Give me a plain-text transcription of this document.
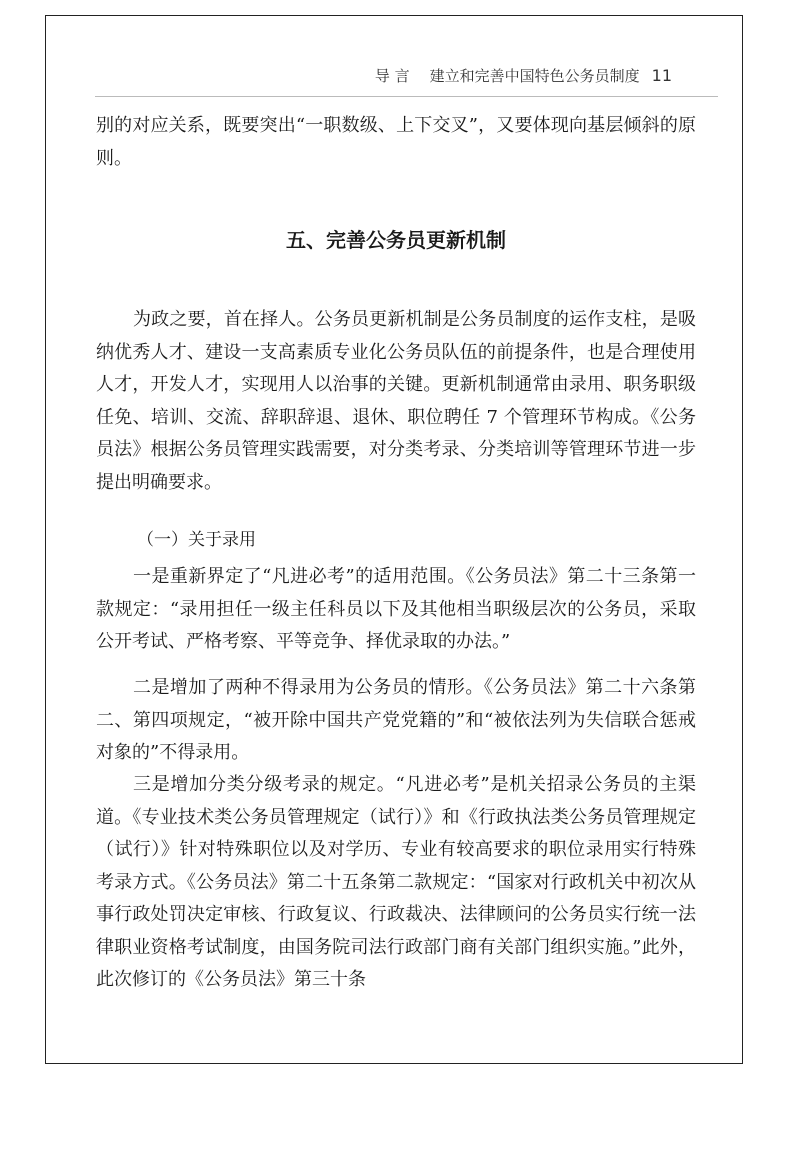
导 言 建立和完善中国特色公务员制度 11
别的对应关系，既要突出“一职数级、上下交叉”，又要体现向基层倾斜的原则。
五、完善公务员更新机制
为政之要，首在择人。公务员更新机制是公务员制度的运作支柱，是吸纳优秀人才、建设一支高素质专业化公务员队伍的前提条件，也是合理使用人才，开发人才，实现用人以治事的关键。更新机制通常由录用、职务职级任免、培训、交流、辞职辞退、退休、职位聘任 7 个管理环节构成。《公务员法》根据公务员管理实践需要，对分类考录、分类培训等管理环节进一步提出明确要求。
（一）关于录用
一是重新界定了“凡进必考”的适用范围。《公务员法》第二十三条第一款规定：“录用担任一级主任科员以下及其他相当职级层次的公务员，采取公开考试、严格考察、平等竞争、择优录取的办法。”
二是增加了两种不得录用为公务员的情形。《公务员法》第二十六条第二、第四项规定，“被开除中国共产党党籍的”和“被依法列为失信联合惩戒对象的”不得录用。
三是增加分类分级考录的规定。“凡进必考”是机关招录公务员的主渠道。《专业技术类公务员管理规定（试行）》和《行政执法类公务员管理规定（试行）》针对特殊职位以及对学历、专业有较高要求的职位录用实行特殊考录方式。《公务员法》第二十五条第二款规定：“国家对行政机关中初次从事行政处罚决定审核、行政复议、行政裁决、法律顾问的公务员实行统一法律职业资格考试制度，由国务院司法行政部门商有关部门组织实施。”此外，此次修订的《公务员法》第三十条
